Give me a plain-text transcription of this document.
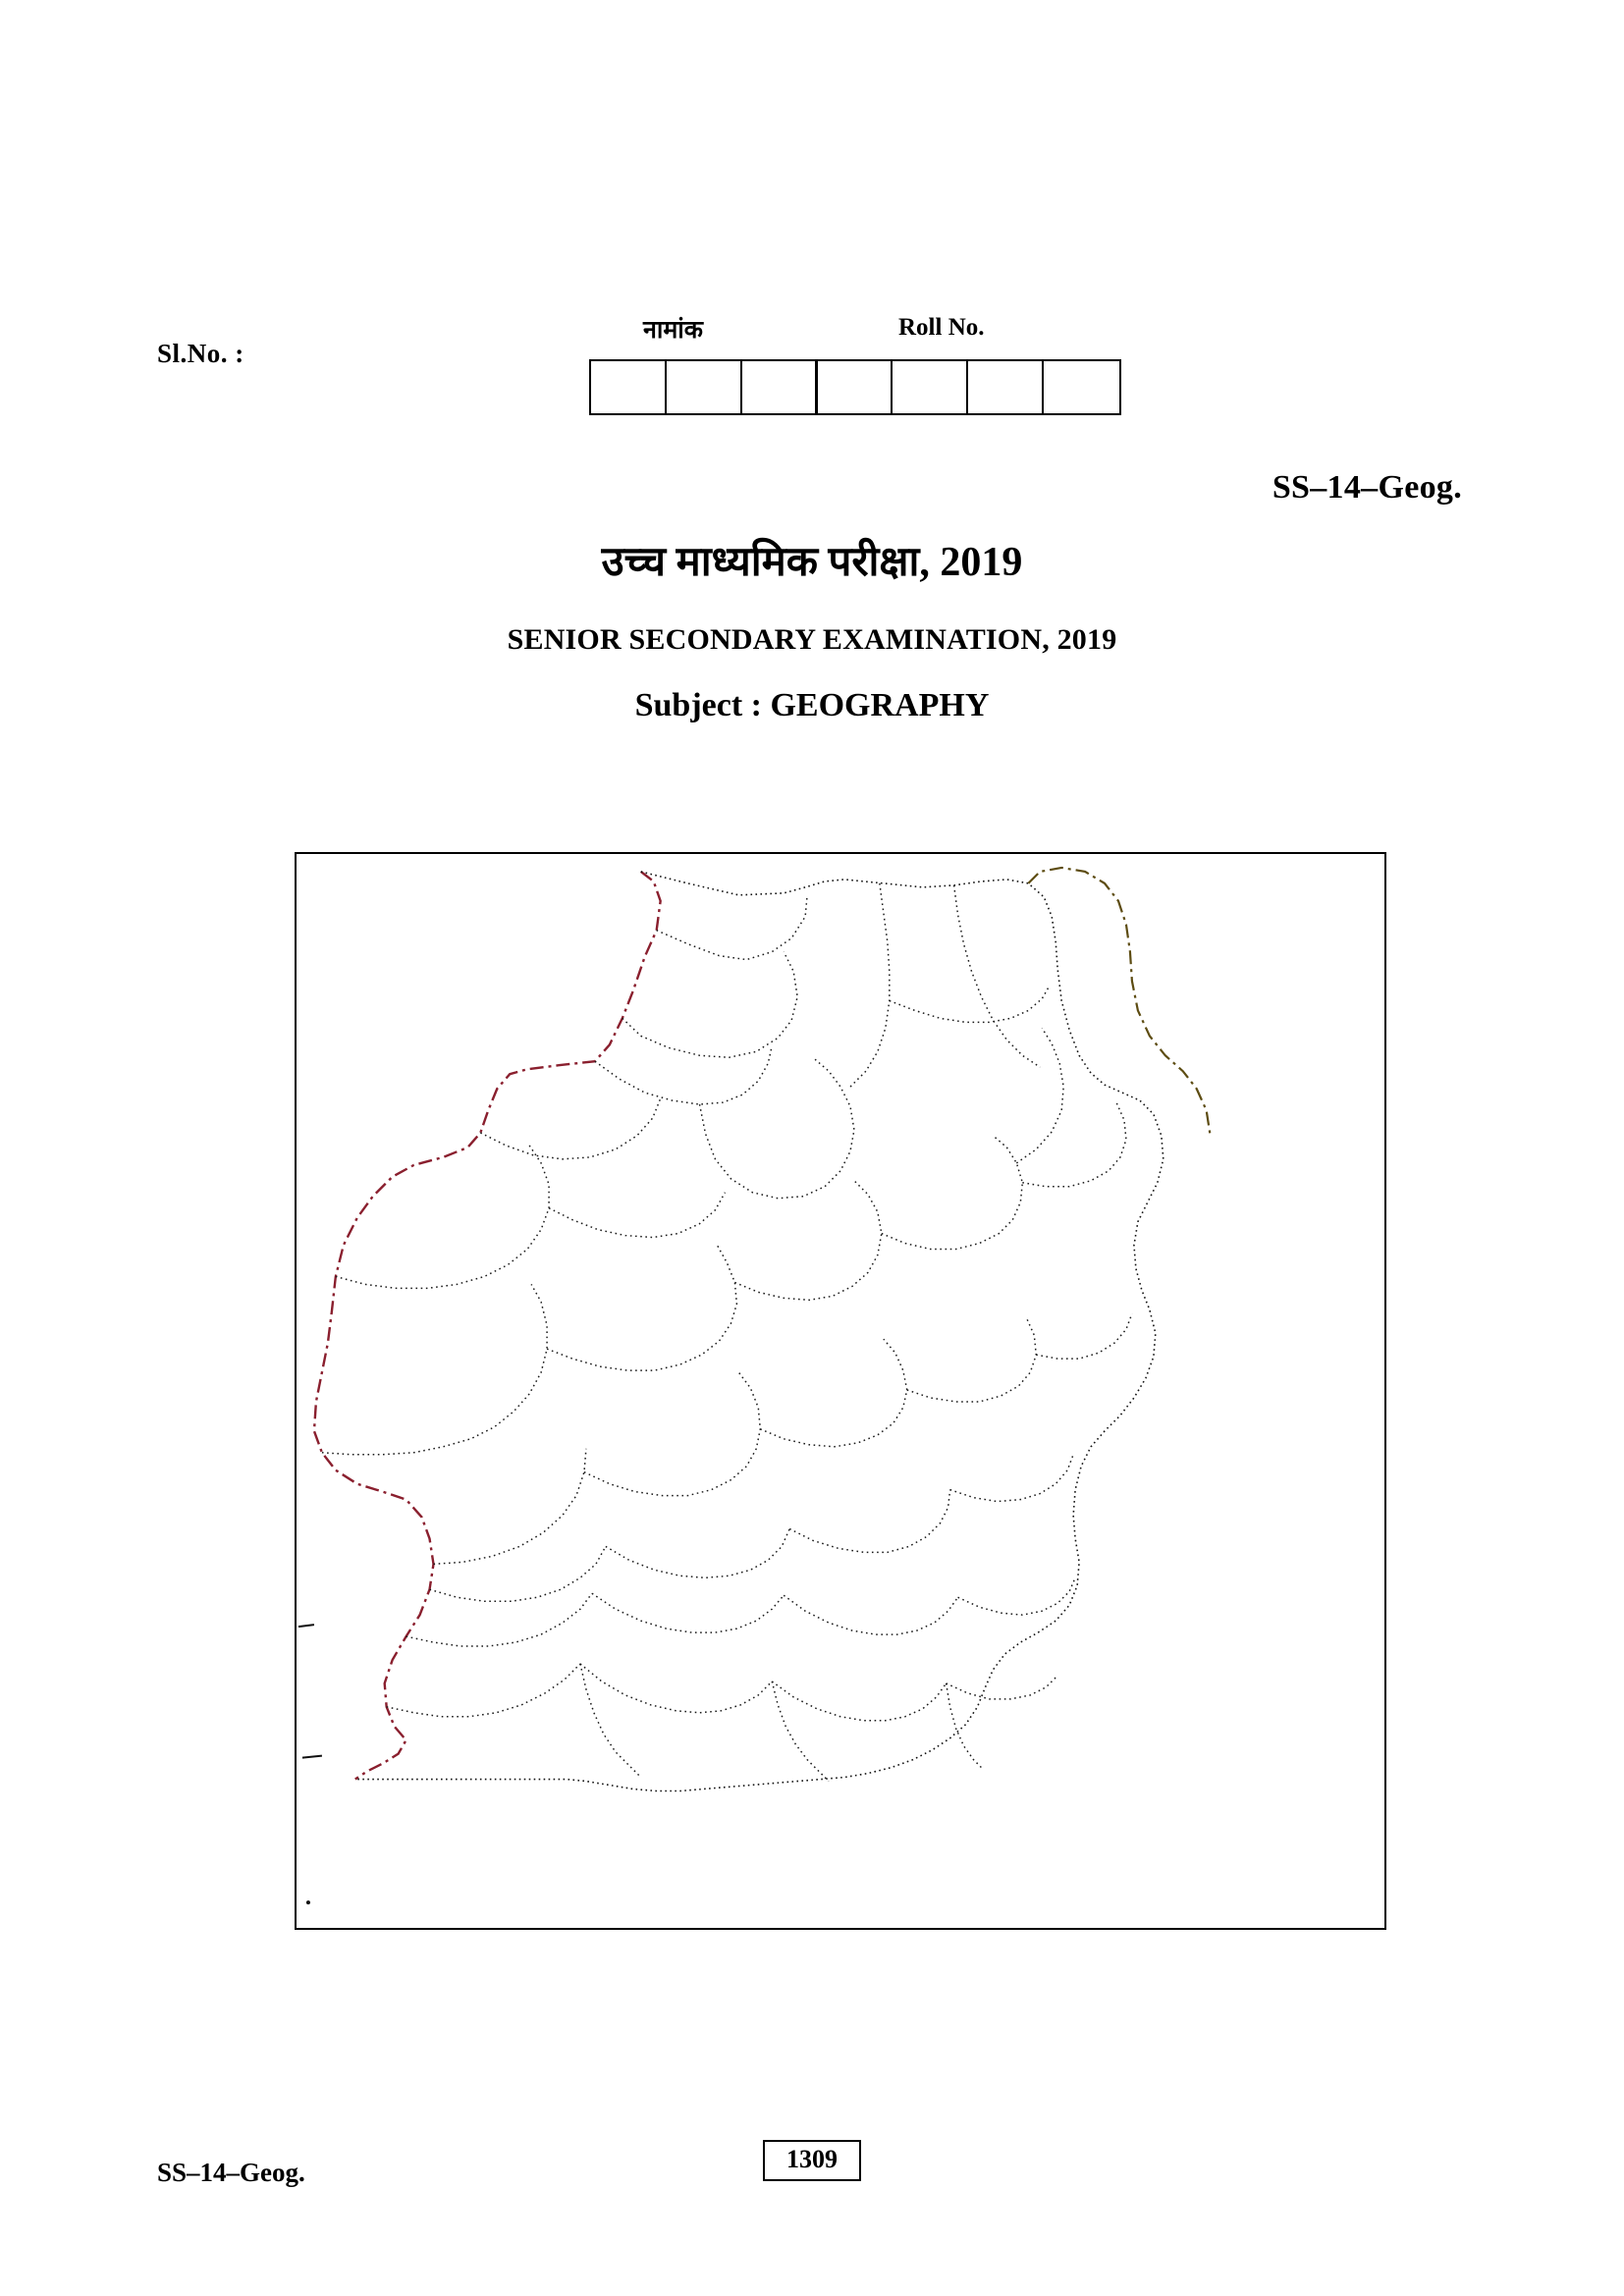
Sl.No. :
नामांक	Roll No.
SS–14–Geog.
उच्च माध्यमिक परीक्षा, 2019
SENIOR SECONDARY EXAMINATION, 2019
Subject : GEOGRAPHY
SS–14–Geog.	1309
